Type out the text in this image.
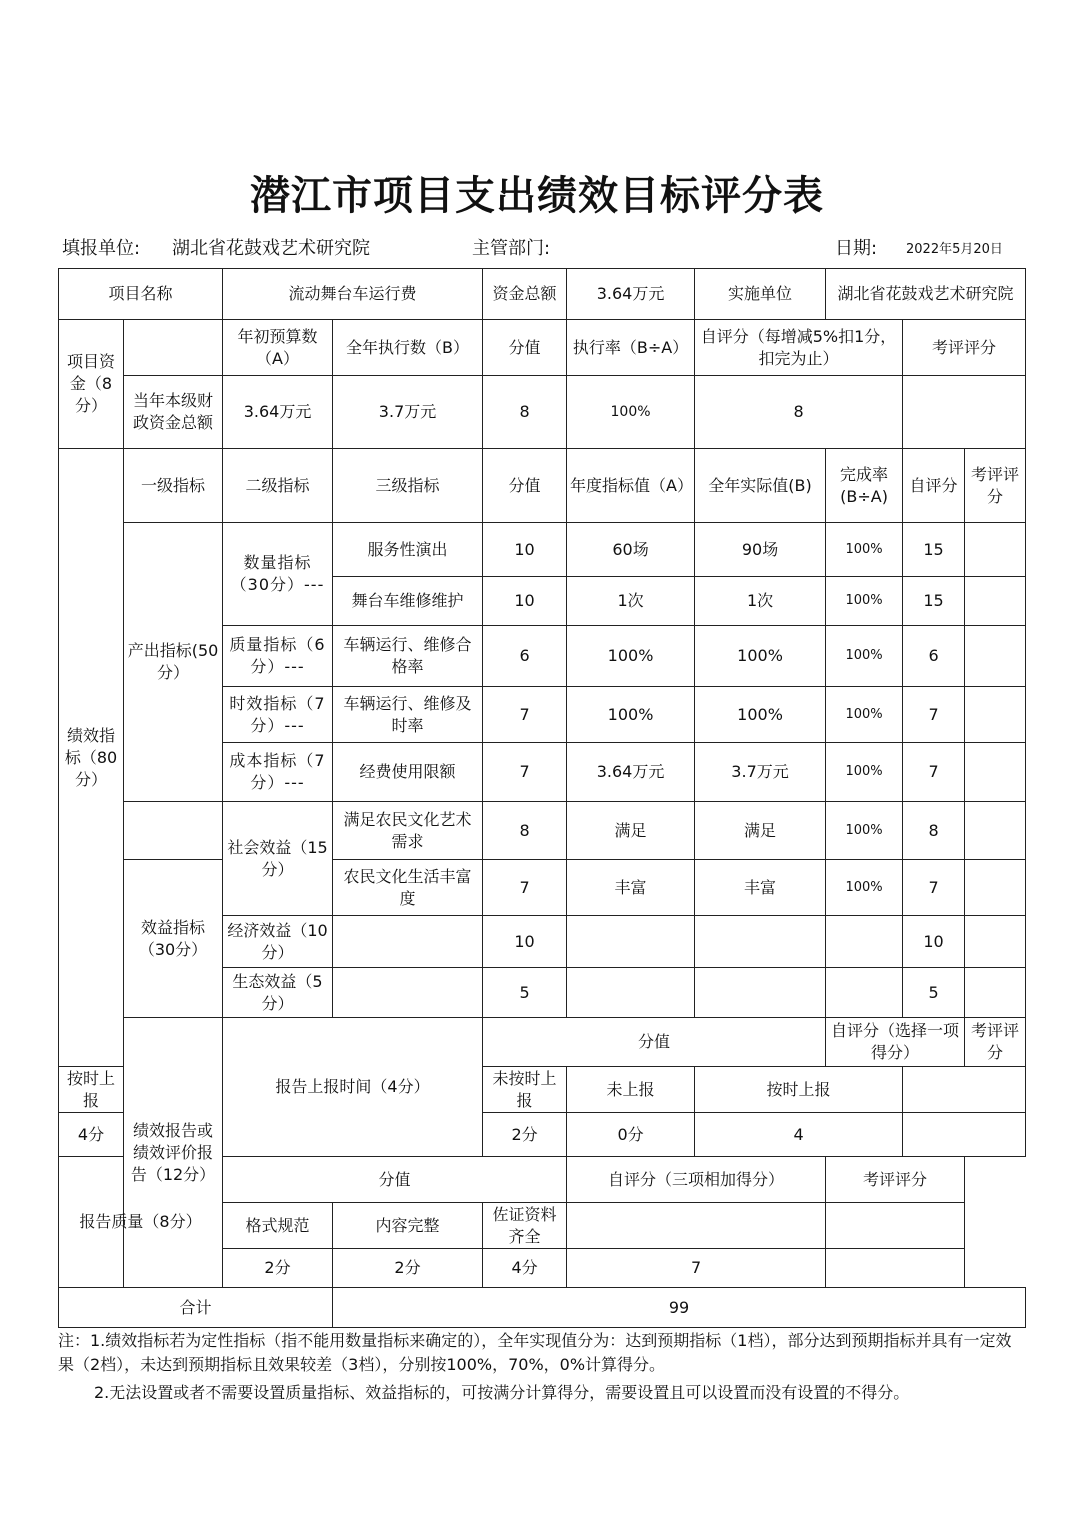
潜江市项目支出绩效目标评分表
填报单位: 湖北省花鼓戏艺术研究院	主管部门:	日期: 2022年5月20日
项目名称		流动舞台车运行费		资金总额	3.64万元	实施单位	湖北省花鼓戏艺术研究院			
项目资金（8分）		年初预算数（A）	全年执行数（B）	分值	执行率（B÷A）	自评分（每增减5%扣1分，扣完为止）		考评评分		
	当年本级财政资金总额	3.64万元	3.7万元	8	100%	8				
绩效指标（80分）	一级指标	二级指标	三级指标	分值	年度指标值（A）	全年实际值(B)	完成率(B÷A)	自评分	考评评分	
	产出指标(50分）	数量指标（30分）---	服务性演出	10	60场	90场	100%	15		
			舞台车维修维护	10	1次	1次	100%	15		
		质量指标（6分）---	车辆运行、维修合格率	6	100%	100%	100%	6		
		时效指标（7分）---	车辆运行、维修及时率	7	100%	100%	100%	7		
		成本指标（7分）---	经费使用限额	7	3.64万元	3.7万元	100%	7		
		社会效益（15分）	满足农民文化艺术需求	8	满足	满足	100%	8		
	效益指标（30分）		农民文化生活丰富度	7	丰富	丰富	100%	7		
		经济效益（10分）		10				10		
		生态效益（5分）		5				5		
	绩效报告或绩效评价报告（12分）	报告上报时间（4分）		分值			自评分（选择一项得分）		考评评分	
按时上报				未按时上报	未上报	按时上报				
4分				2分	0分	4				
报告质量（8分）		分值			自评分（三项相加得分）		考评评分			
		格式规范	内容完整	佐证资料齐全						
		2分	2分	4分	7					
合计			99							

注：1.绩效指标若为定性指标（指不能用数量指标来确定的），全年实现值分为：达到预期指标（1档），部分达到预期指标并具有一定效果（2档），未达到预期指标且效果较差（3档），分别按100%，70%，0%计算得分。

2.无法设置或者不需要设置质量指标、效益指标的，可按满分计算得分，需要设置且可以设置而没有设置的不得分。
